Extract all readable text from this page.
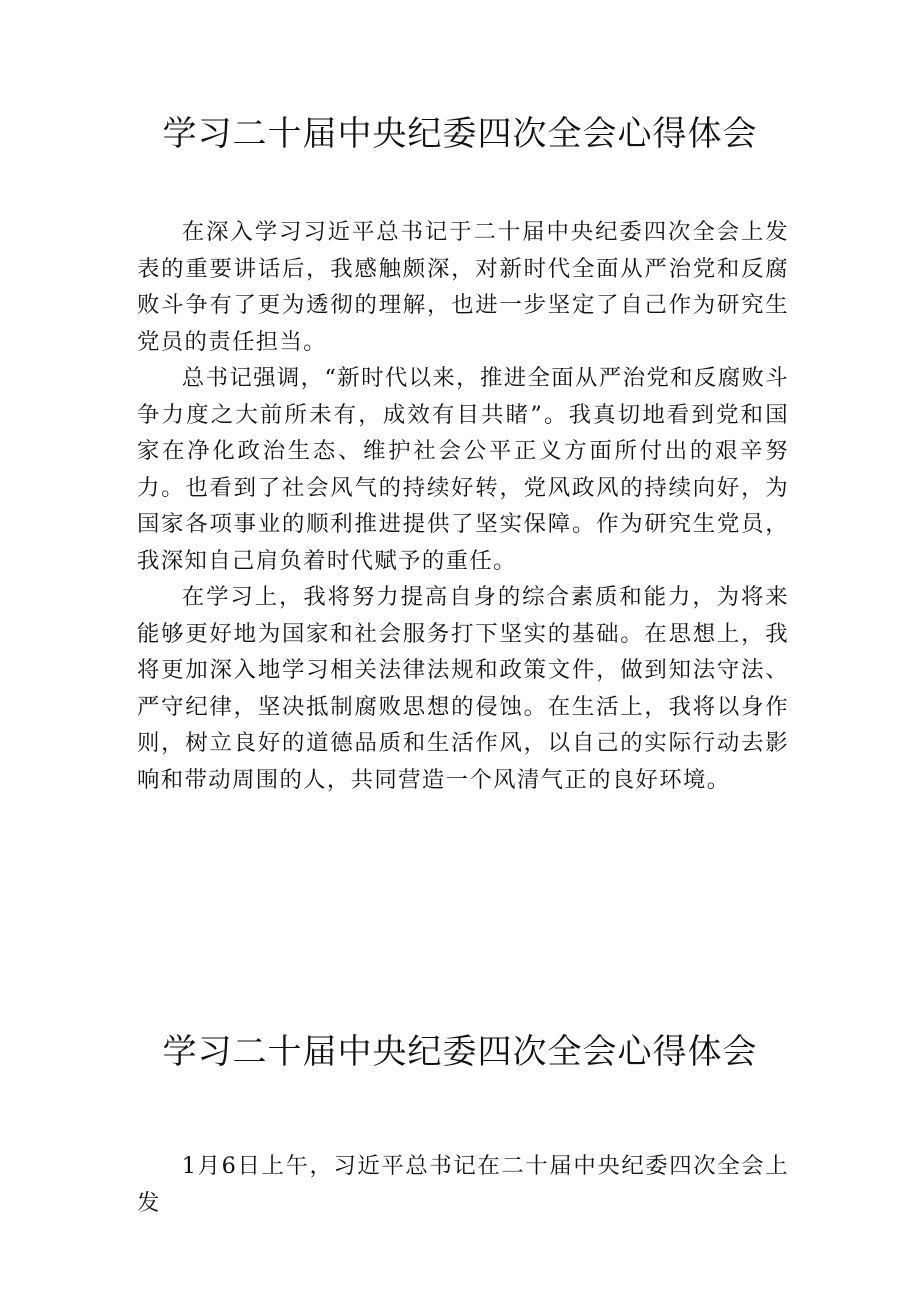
学习二十届中央纪委四次全会心得体会

在深入学习习近平总书记于二十届中央纪委四次全会上发表的重要讲话后，我感触颇深，对新时代全面从严治党和反腐败斗争有了更为透彻的理解，也进一步坚定了自己作为研究生党员的责任担当。

总书记强调，“新时代以来，推进全面从严治党和反腐败斗争力度之大前所未有，成效有目共睹”。我真切地看到党和国家在净化政治生态、维护社会公平正义方面所付出的艰辛努力。也看到了社会风气的持续好转，党风政风的持续向好，为国家各项事业的顺利推进提供了坚实保障。作为研究生党员，我深知自己肩负着时代赋予的重任。

在学习上，我将努力提高自身的综合素质和能力，为将来能够更好地为国家和社会服务打下坚实的基础。在思想上，我将更加深入地学习相关法律法规和政策文件，做到知法守法、严守纪律，坚决抵制腐败思想的侵蚀。在生活上，我将以身作则，树立良好的道德品质和生活作风，以自己的实际行动去影响和带动周围的人，共同营造一个风清气正的良好环境。

学习二十届中央纪委四次全会心得体会

1月6日上午，习近平总书记在二十届中央纪委四次全会上发
